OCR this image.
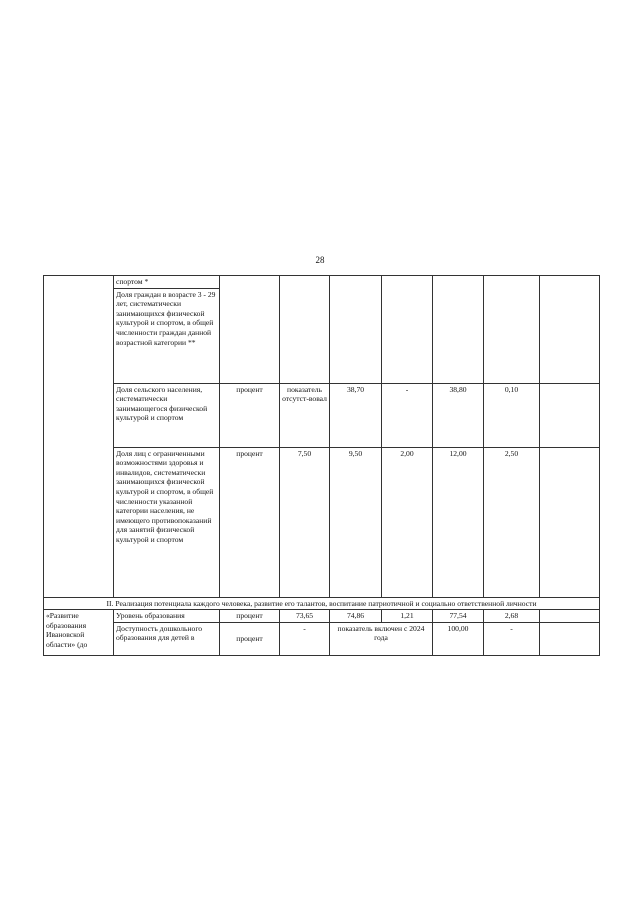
28
	спортом *							
	Доля граждан в возрасте 3 - 29 лет, систематически занимающихся физической культурой и спортом, в общей численности граждан данной возрастной категории **							
	Доля сельского населения, систематически занимающегося физической культурой и спортом	процент	показатель отсутст-вовал	38,70	-	38,80	0,10	
	Доля лиц с ограниченными возможностями здоровья и инвалидов, систематически занимающихся физической культурой и спортом, в общей численности указанной категории населения, не имеющего противопоказаний для занятий физической культурой и спортом	процент	7,50	9,50	2,00	12,00	2,50	
II. Реализация потенциала каждого человека, развитие его талантов, воспитание патриотичной и социально ответственной личности								
«Развитие образования Ивановской области» (до	Уровень образования	процент	73,65	74,86	1,21	77,54	2,68	
	Доступность дошкольного образования для детей в	процент	-	показатель включен с 2024 года		100,00	-	
